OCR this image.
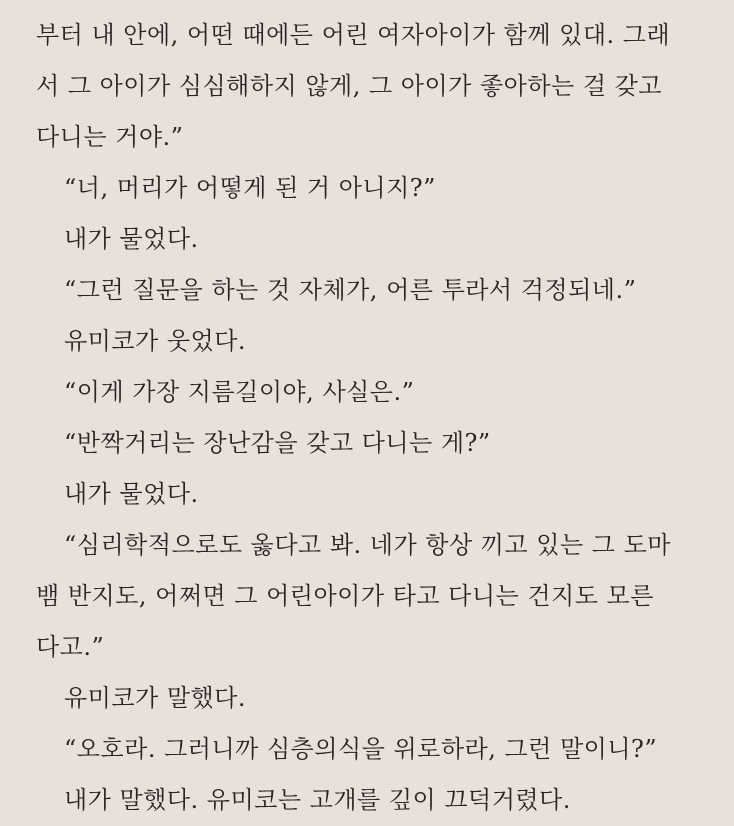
부터 내 안에, 어떤 때에든 어린 여자아이가 함께 있대. 그래
서 그 아이가 심심해하지 않게, 그 아이가 좋아하는 걸 갖고
다니는 거야.”
“너, 머리가 어떻게 된 거 아니지?”
내가 물었다.
“그런 질문을 하는 것 자체가, 어른 투라서 걱정되네.”
유미코가 웃었다.
“이게 가장 지름길이야, 사실은.”
“반짝거리는 장난감을 갖고 다니는 게?”
내가 물었다.
“심리학적으로도 옳다고 봐. 네가 항상 끼고 있는 그 도마
뱀 반지도, 어쩌면 그 어린아이가 타고 다니는 건지도 모른
다고.”
유미코가 말했다.
“오호라. 그러니까 심층의식을 위로하라, 그런 말이니?”
내가 말했다. 유미코는 고개를 깊이 끄덕거렸다.
